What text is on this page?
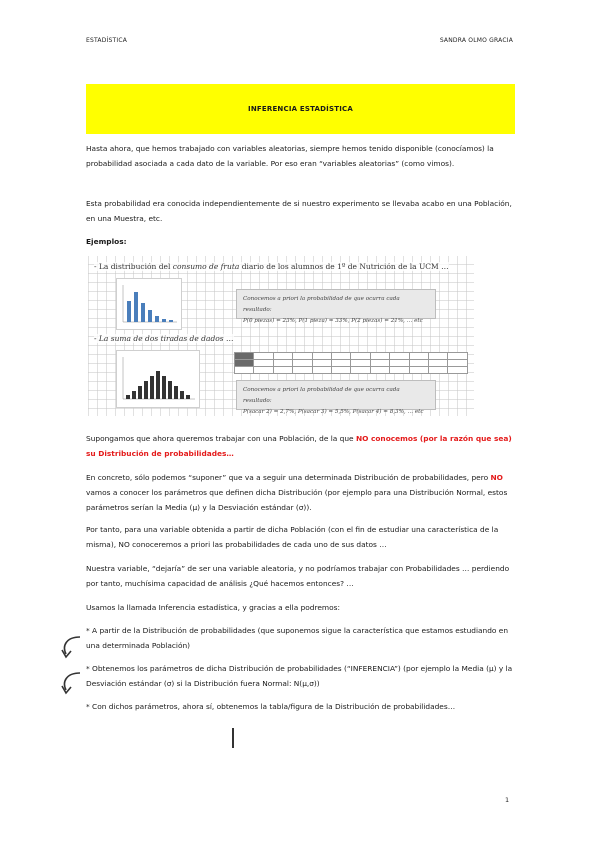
ESTADÍSTICA	SANDRA OLMO GRACIA
INFERENCIA ESTADÍSTICA

Hasta ahora, que hemos trabajado con variables aleatorias, siempre hemos tenido disponible (conocíamos) la probabilidad asociada a cada dato de la variable. Por eso eran “variables aleatorias” (como vimos).

Esta probabilidad era conocida independientemente de si nuestro experimento se llevaba acabo en una Población, en una Muestra, etc.

Ejemplos:

- La distribución del consumo de fruta diario de los alumnos de 1º de Nutrición de la UCM …
Conocemos a priori la probabilidad de que ocurra cada resultado:
P(0 piezas) = 23%, P(1 pieza) = 33%, P(2 piezas) = 21%, … etc
- La suma de dos tiradas de dados …

Conocemos a priori la probabilidad de que ocurra cada resultado:
P(sacar 2) = 2,7%, P(sacar 3) = 5,5%, P(sacar 4) = 8,3%, … etc

Supongamos que ahora queremos trabajar con una Población, de la que NO conocemos (por la razón que sea) su Distribución de probabilidades…

En concreto, sólo podemos “suponer” que va a seguir una determinada Distribución de probabilidades, pero NO vamos a conocer los parámetros que definen dicha Distribución (por ejemplo para una Distribución Normal, estos parámetros serían la Media (µ) y la Desviación estándar (σ)).

Por tanto, para una variable obtenida a partir de dicha Población (con el fin de estudiar una característica de la misma), NO conoceremos a priori las probabilidades de cada uno de sus datos …

Nuestra variable, “dejaría” de ser una variable aleatoria, y no podríamos trabajar con Probabilidades … perdiendo por tanto, muchísima capacidad de análisis ¿Qué hacemos entonces? …

Usamos la llamada Inferencia estadística, y gracias a ella podremos:

* A partir de la Distribución de probabilidades (que suponemos sigue la característica que estamos estudiando en una determinada Población)

* Obtenemos los parámetros de dicha Distribución de probabilidades (“INFERENCIA”) (por ejemplo la Media (µ) y la Desviación estándar (σ) si la Distribución fuera Normal: N(µ,σ))

* Con dichos parámetros, ahora sí, obtenemos la tabla/figura de la Distribución de probabilidades…

1
